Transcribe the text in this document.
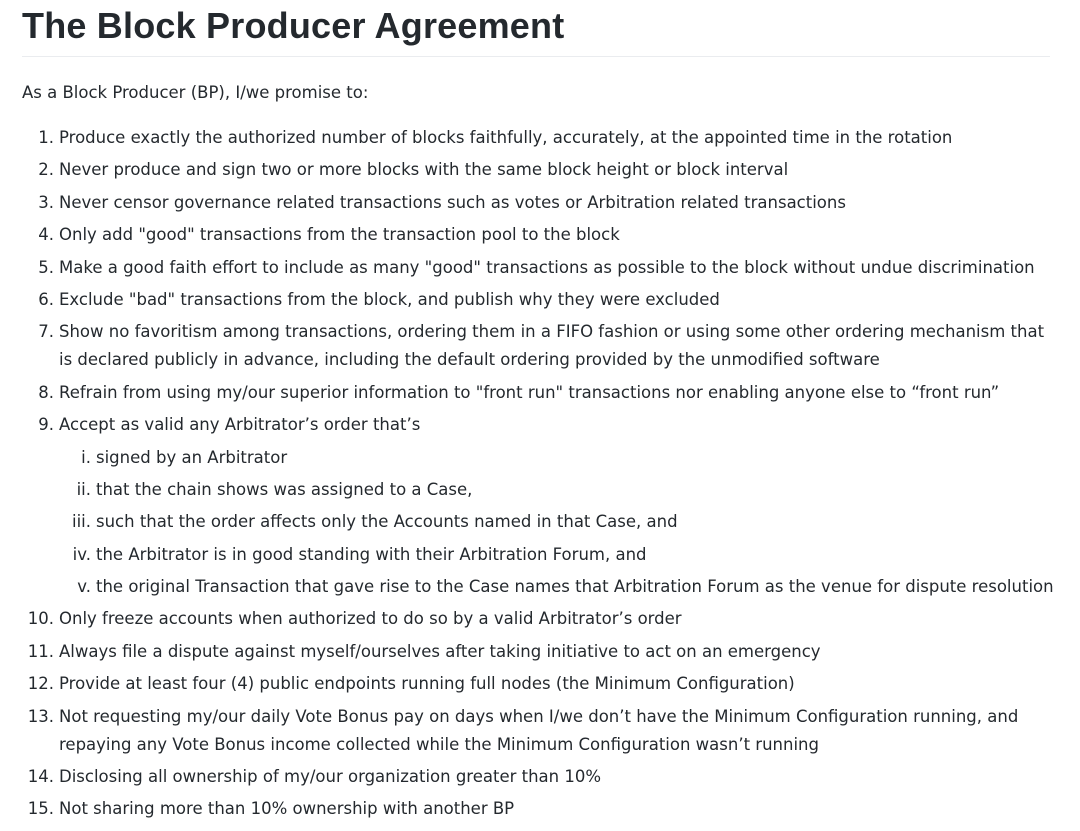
The Block Producer Agreement

As a Block Producer (BP), I/we promise to:

1. Produce exactly the authorized number of blocks faithfully, accurately, at the appointed time in the rotation
2. Never produce and sign two or more blocks with the same block height or block interval
3. Never censor governance related transactions such as votes or Arbitration related transactions
4. Only add "good" transactions from the transaction pool to the block
5. Make a good faith effort to include as many "good" transactions as possible to the block without undue discrimination
6. Exclude "bad" transactions from the block, and publish why they were excluded
7. Show no favoritism among transactions, ordering them in a FIFO fashion or using some other ordering mechanism that is declared publicly in advance, including the default ordering provided by the unmodified software
8. Refrain from using my/our superior information to "front run" transactions nor enabling anyone else to “front run”
9. Accept as valid any Arbitrator’s order that’s
i. signed by an Arbitrator
ii. that the chain shows was assigned to a Case,
iii. such that the order affects only the Accounts named in that Case, and
iv. the Arbitrator is in good standing with their Arbitration Forum, and
v. the original Transaction that gave rise to the Case names that Arbitration Forum as the venue for dispute resolution
10. Only freeze accounts when authorized to do so by a valid Arbitrator’s order
11. Always file a dispute against myself/ourselves after taking initiative to act on an emergency
12. Provide at least four (4) public endpoints running full nodes (the Minimum Configuration)
13. Not requesting my/our daily Vote Bonus pay on days when I/we don’t have the Minimum Configuration running, and repaying any Vote Bonus income collected while the Minimum Configuration wasn’t running
14. Disclosing all ownership of my/our organization greater than 10%
15. Not sharing more than 10% ownership with another BP
